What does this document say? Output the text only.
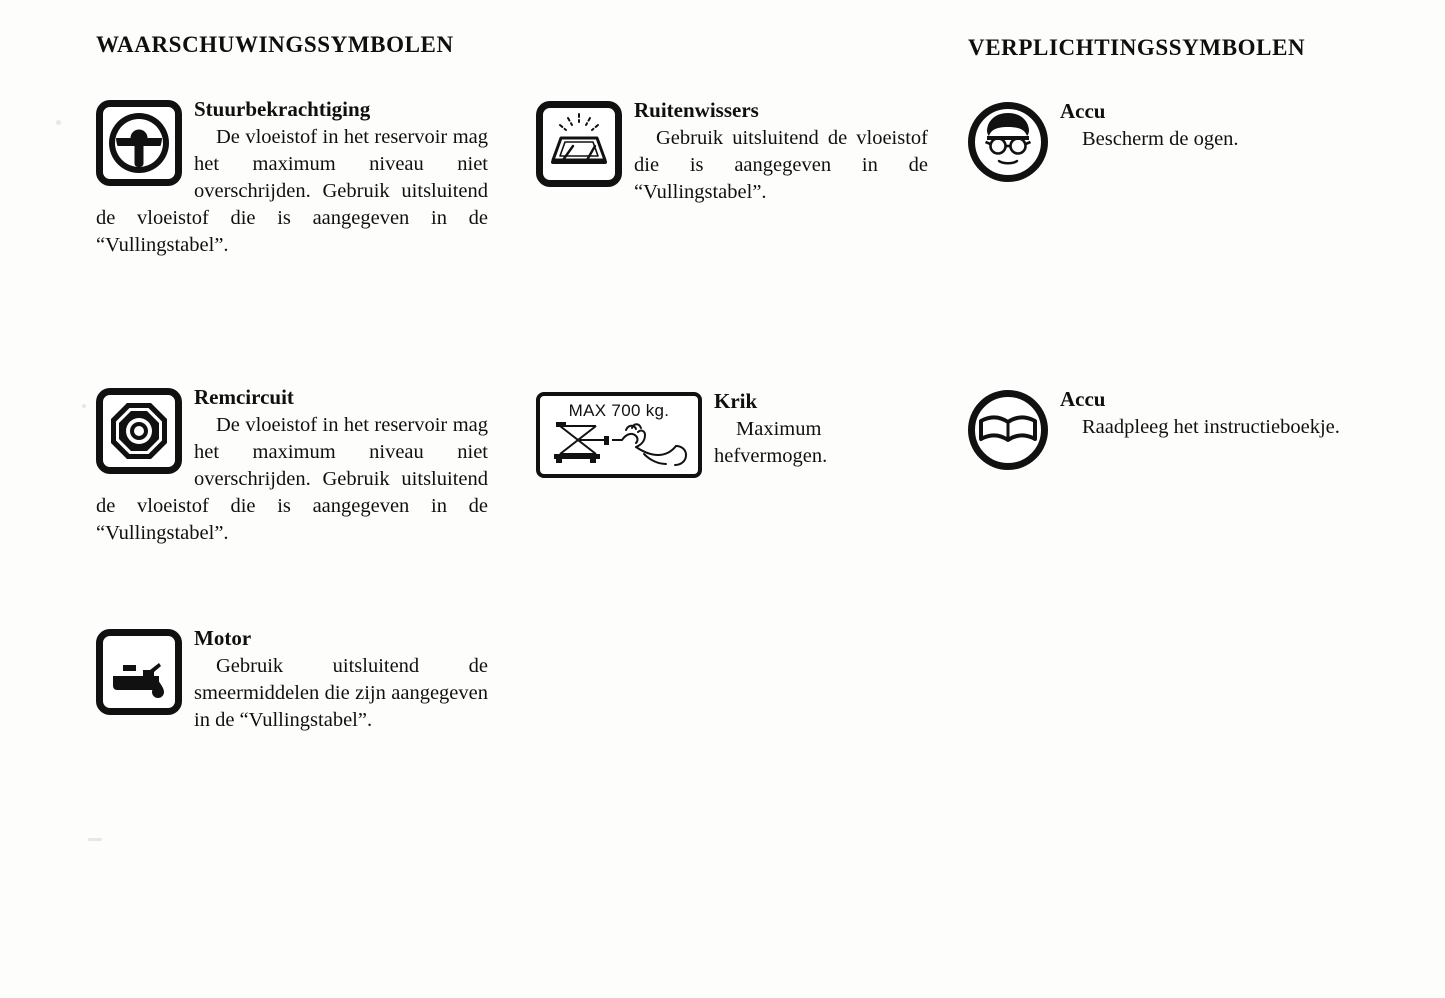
WAARSCHUWINGSSYMBOLEN	VERPLICHTINGSSYMBOLEN
Stuurbekrachtiging

De vloeistof in het reservoir mag het maximum niveau niet overschrijden. Gebruik uitsluitend de vloeistof die is aangegeven in de “Vullingstabel”.

Remcircuit

De vloeistof in het reservoir mag het maximum niveau niet overschrijden. Gebruik uitsluitend de vloeistof die is aangegeven in de “Vullingstabel”.

Motor

Gebruik uitsluitend de smeermiddelen die zijn aangegeven in de “Vullingstabel”.

Ruitenwissers

Gebruik uitsluitend de vloeistof die is aangegeven in de “Vullingstabel”.

MAX 700 kg.	Krik

Maximum hefvermogen.

Accu

Bescherm de ogen.

Accu

Raadpleeg het instructieboekje.
